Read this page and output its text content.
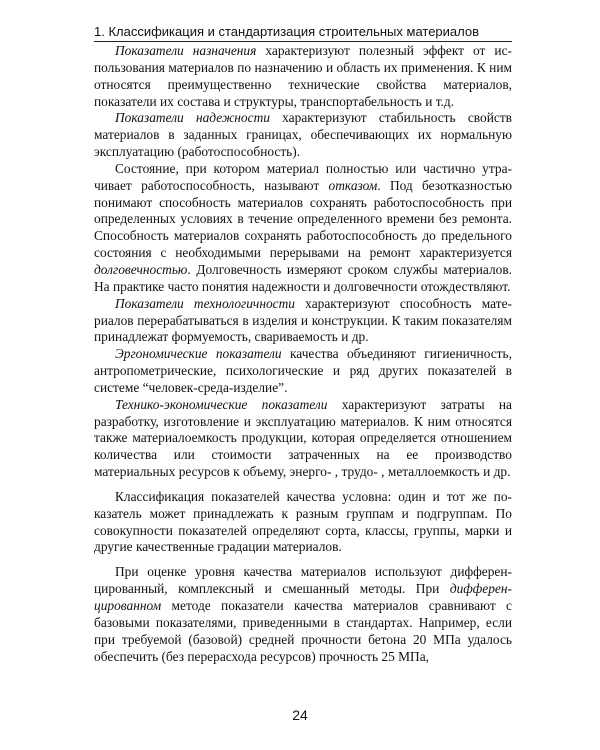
1. Классификация и стандартизация строительных материалов

Показатели назначения характеризуют полезный эффект от использования материалов по назначению и область их применения. К ним относятся преимущественно технические свойства материалов, показатели их состава и структуры, транспортабельность и т.д.

Показатели надежности характеризуют стабильность свойств материалов в заданных границах, обеспечивающих их нормальную эксплуатацию (работоспособность).

Состояние, при котором материал полностью или частично утрачивает работоспособность, называют отказом. Под безотказностью понимают способность материалов сохранять работоспособность при определенных условиях в течение определенного времени без ремонта. Способность материалов сохранять работоспособность до предельного состояния с необходимыми перерывами на ремонт характеризуется долговечностью. Долговечность измеряют сроком службы материалов. На практике часто понятия надежности и долговечности отождествляют.

Показатели технологичности характеризуют способность материалов перерабатываться в изделия и конструкции. К таким показателям принадлежат формуемость, свариваемость и др.

Эргономические показатели качества объединяют гигиеничность, антропометрические, психологические и ряд других показателей в системе “человек-среда-изделие”.

Технико-экономические показатели характеризуют затраты на разработку, изготовление и эксплуатацию материалов. К ним относятся также материалоемкость продукции, которая определяется отношением количества или стоимости затраченных на ее производство материальных ресурсов к объему, энерго- , трудо- , металлоемкость и др.

Классификация показателей качества условна: один и тот же показатель может принадлежать к разным группам и подгруппам. По совокупности показателей определяют сорта, классы, группы, марки и другие качественные градации материалов.

При оценке уровня качества материалов используют дифференцированный, комплексный и смешанный методы. При дифференцированном методе показатели качества материалов сравнивают с базовыми показателями, приведенными в стандартах. Например, если при требуемой (базовой) средней прочности бетона 20 МПа удалось обеспечить (без перерасхода ресурсов) прочность 25 МПа,

24
